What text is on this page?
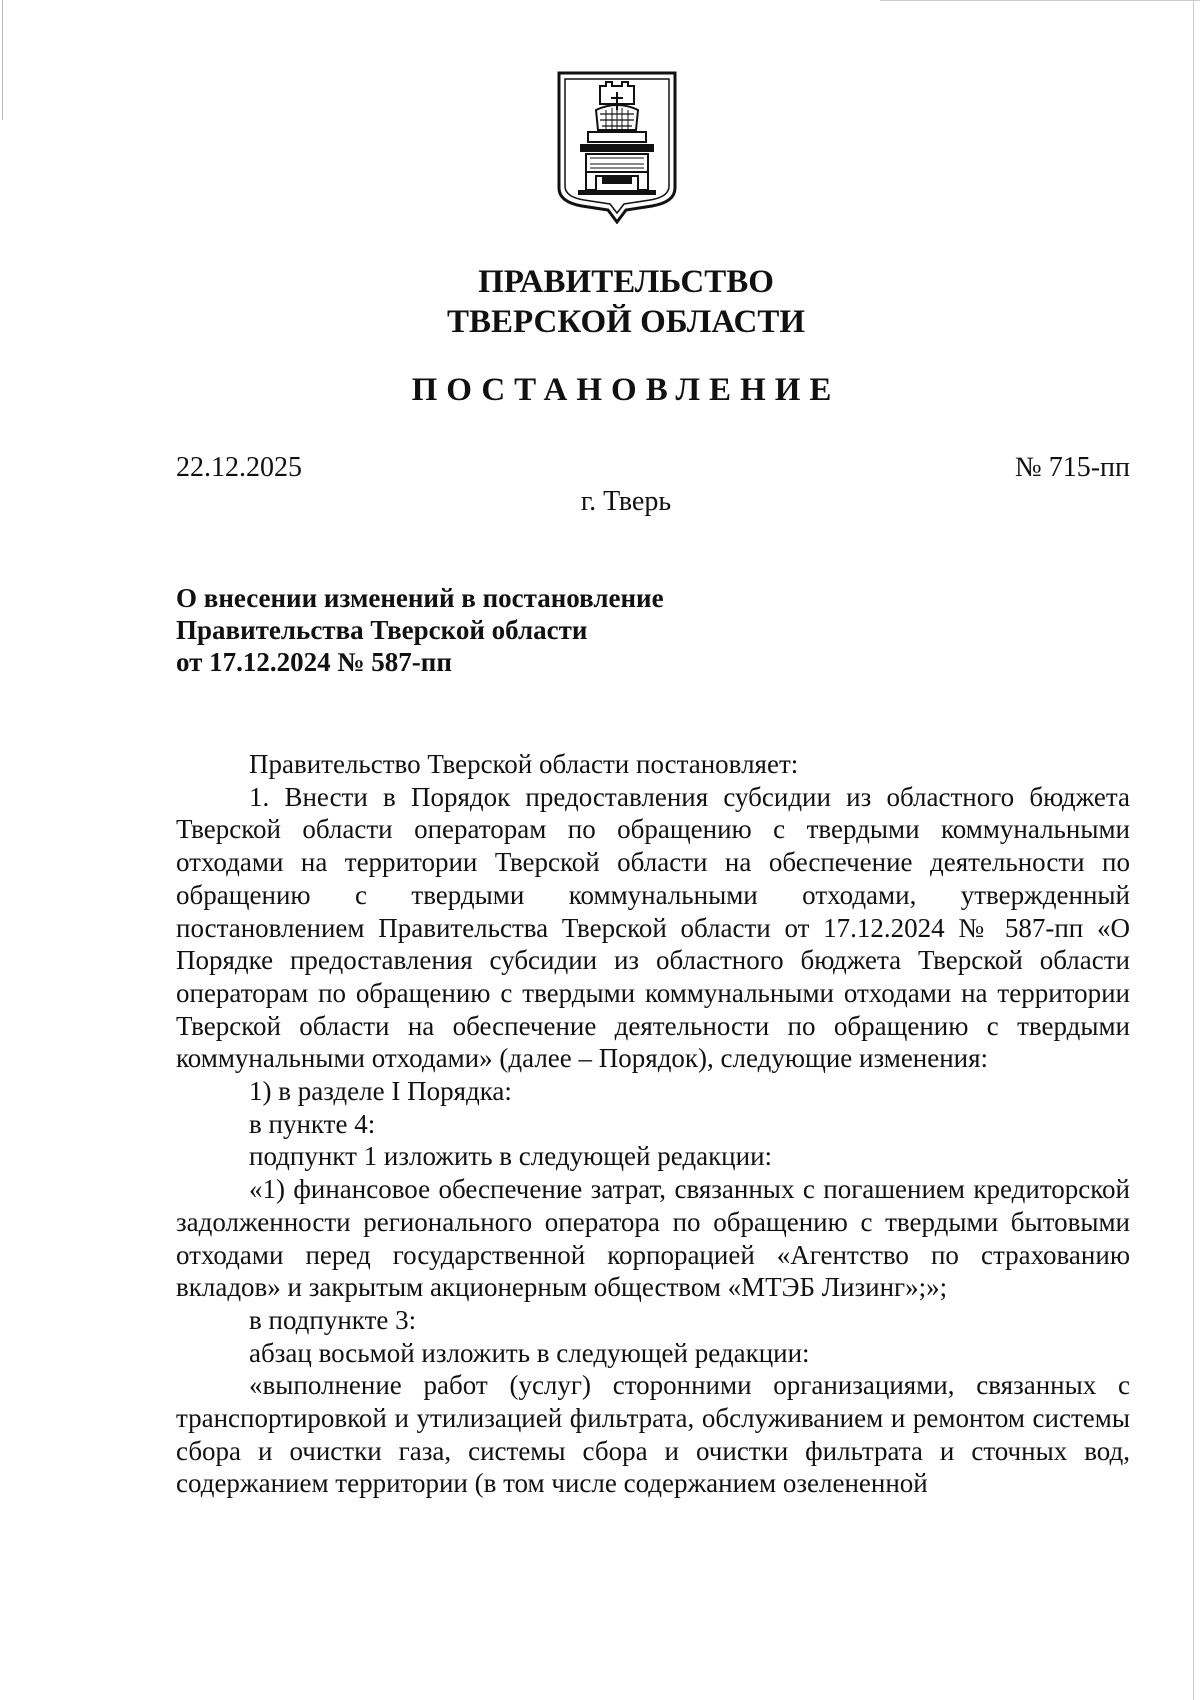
ПРАВИТЕЛЬСТВО
ТВЕРСКОЙ ОБЛАСТИ
ПОСТАНОВЛЕНИЕ
22.12.2025	№ 715-пп
г. Тверь
О внесении изменений в постановление
Правительства Тверской области
от 17.12.2024 № 587-пп

Правительство Тверской области постановляет:

1. Внести в Порядок предоставления субсидии из областного бюджета Тверской области операторам по обращению с твердыми коммунальными отходами на территории Тверской области на обеспечение деятельности по обращению с твердыми коммунальными отходами, утвержденный постановлением Правительства Тверской области от 17.12.2024 № 587-пп «О Порядке предоставления субсидии из областного бюджета Тверской области операторам по обращению с твердыми коммунальными отходами на территории Тверской области на обеспечение деятельности по обращению с твердыми коммунальными отходами» (далее – Порядок), следующие изменения:

1) в разделе I Порядка:

в пункте 4:

подпункт 1 изложить в следующей редакции:

«1) финансовое обеспечение затрат, связанных с погашением кредиторской задолженности регионального оператора по обращению с твердыми бытовыми отходами перед государственной корпорацией «Агентство по страхованию вкладов» и закрытым акционерным обществом «МТЭБ Лизинг»;»;

в подпункте 3:

абзац восьмой изложить в следующей редакции:

«выполнение работ (услуг) сторонними организациями, связанных с транспортировкой и утилизацией фильтрата, обслуживанием и ремонтом системы сбора и очистки газа, системы сбора и очистки фильтрата и сточных вод, содержанием территории (в том числе содержанием озелененной
